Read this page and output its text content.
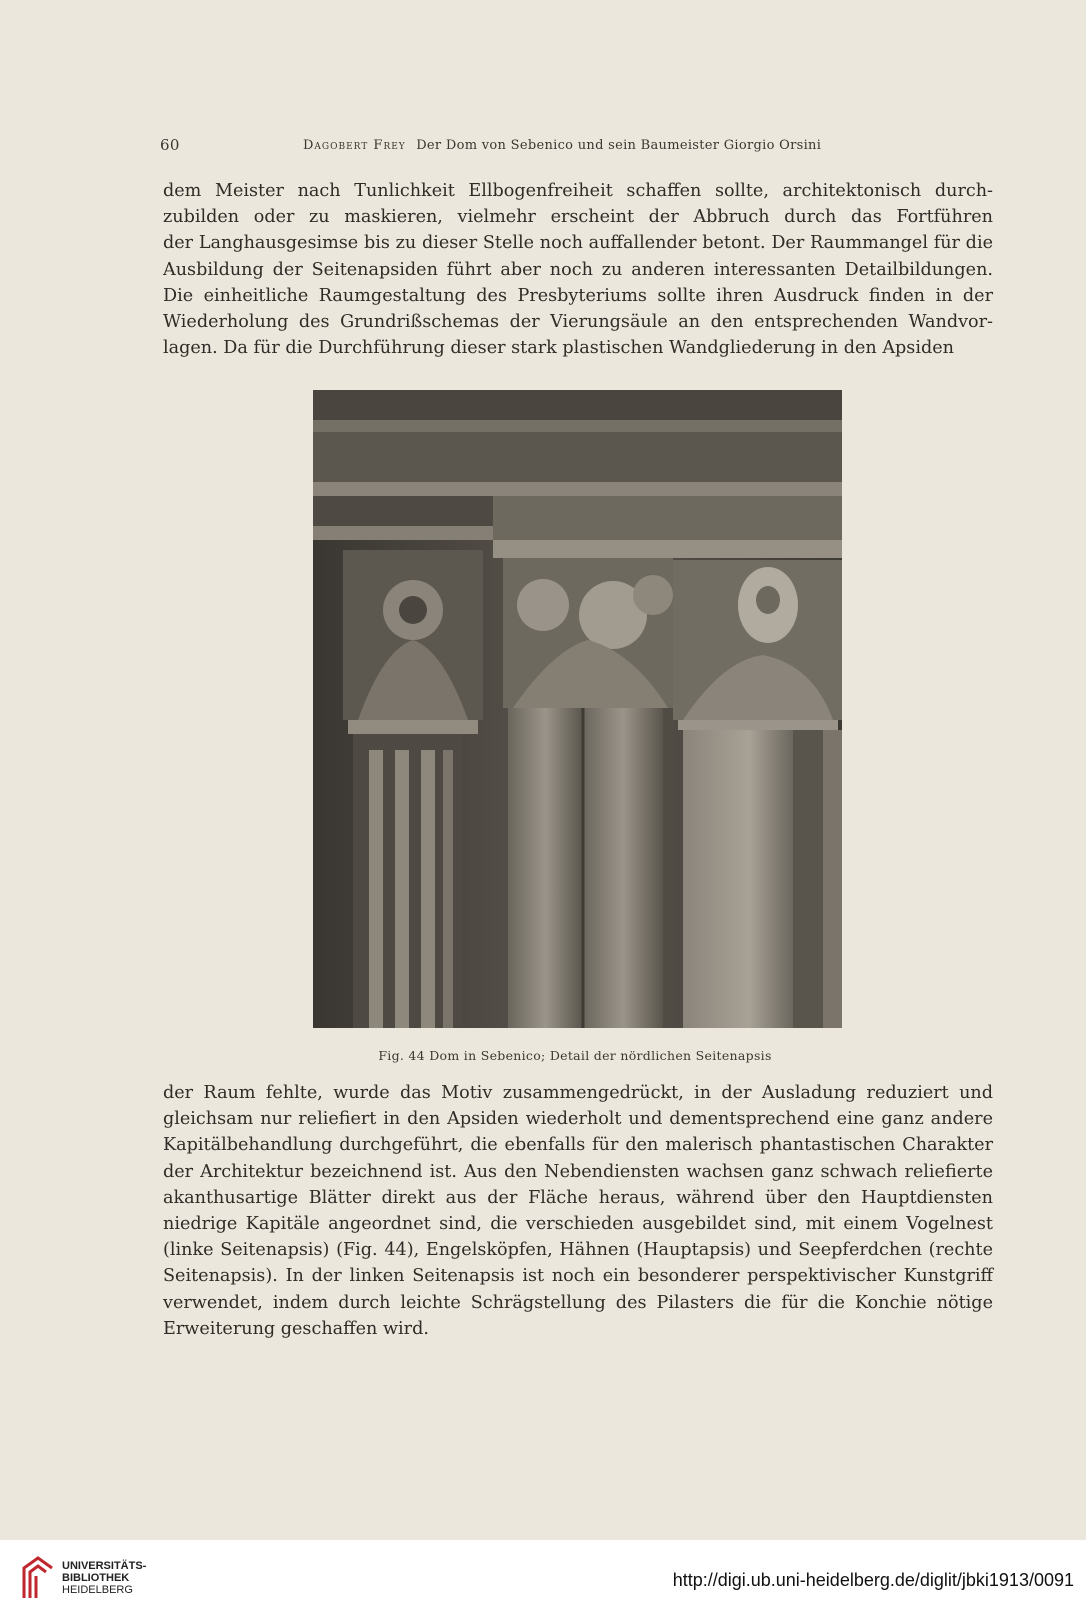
60	Dagobert Frey Der Dom von Sebenico und sein Baumeister Giorgio Orsini
dem Meister nach Tunlichkeit Ellbogenfreiheit schaffen sollte, architektonisch durch-
zubilden oder zu maskieren, vielmehr erscheint der Abbruch durch das Fortführen
der Langhausgesimse bis zu dieser Stelle noch auffallender betont. Der Raummangel für die
Ausbildung der Seitenapsiden führt aber noch zu anderen interessanten Detailbildungen.
Die einheitliche Raumgestaltung des Presbyteriums sollte ihren Ausdruck finden in der
Wiederholung des Grundrißschemas der Vierungsäule an den entsprechenden Wandvor-
lagen. Da für die Durchführung dieser stark plastischen Wandgliederung in den Apsiden
Fig. 44 Dom in Sebenico; Detail der nördlichen Seitenapsis
der Raum fehlte, wurde das Motiv zusammengedrückt, in der Ausladung reduziert und
gleichsam nur reliefiert in den Apsiden wiederholt und dementsprechend eine ganz andere
Kapitälbehandlung durchgeführt, die ebenfalls für den malerisch phantastischen Charakter
der Architektur bezeichnend ist. Aus den Nebendiensten wachsen ganz schwach reliefierte
akanthusartige Blätter direkt aus der Fläche heraus, während über den Hauptdiensten
niedrige Kapitäle angeordnet sind, die verschieden ausgebildet sind, mit einem Vogelnest
(linke Seitenapsis) (Fig. 44), Engelsköpfen, Hähnen (Hauptapsis) und Seepferdchen (rechte
Seitenapsis). In der linken Seitenapsis ist noch ein besonderer perspektivischer Kunstgriff
verwendet, indem durch leichte Schrägstellung des Pilasters die für die Konchie nötige
Erweiterung geschaffen wird.
UNIVERSITÄTS-
BIBLIOTHEK
HEIDELBERG	http://digi.ub.uni-heidelberg.de/diglit/jbki1913/0091
